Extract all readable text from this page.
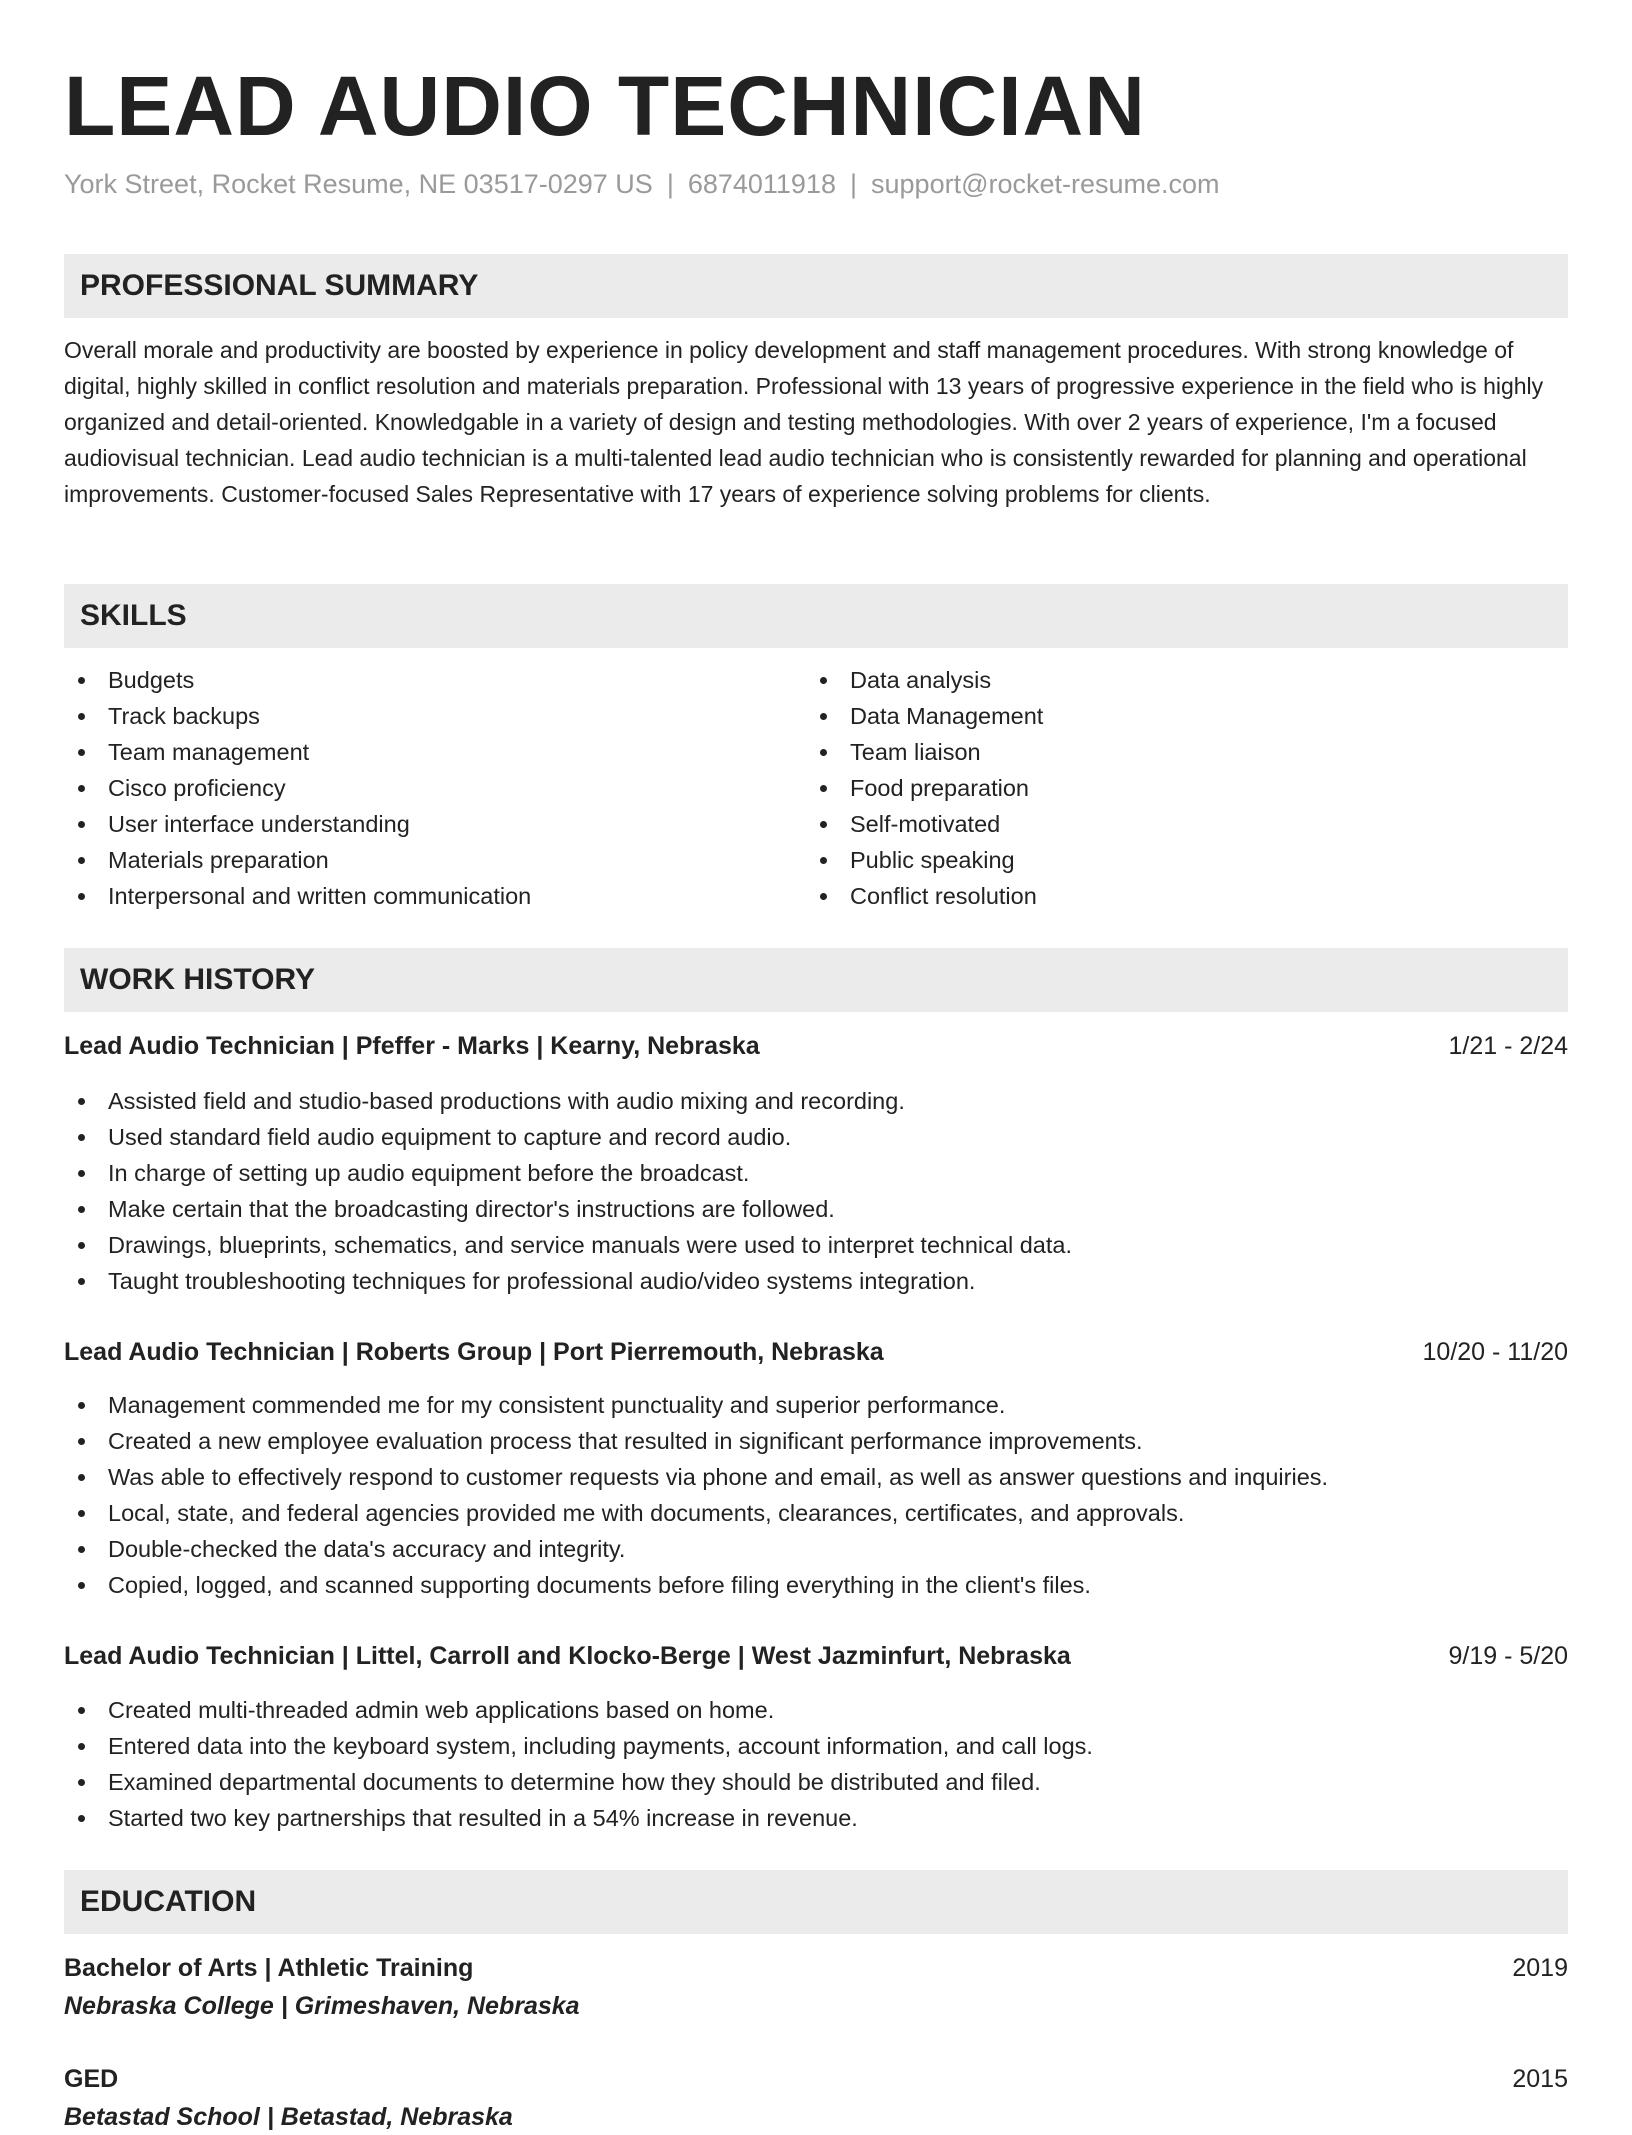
LEAD AUDIO TECHNICIAN
York Street, Rocket Resume, NE 03517-0297 US | 6874011918 | support@rocket-resume.com
PROFESSIONAL SUMMARY

Overall morale and productivity are boosted by experience in policy development and staff management procedures. With strong knowledge of digital, highly skilled in conflict resolution and materials preparation. Professional with 13 years of progressive experience in the field who is highly organized and detail-oriented. Knowledgable in a variety of design and testing methodologies. With over 2 years of experience, I'm a focused audiovisual technician. Lead audio technician is a multi-talented lead audio technician who is consistently rewarded for planning and operational improvements. Customer-focused Sales Representative with 17 years of experience solving problems for clients.

SKILLS
Budgets
Track backups
Team management
Cisco proficiency
User interface understanding
Materials preparation
Interpersonal and written communication
Data analysis
Data Management
Team liaison
Food preparation
Self-motivated
Public speaking
Conflict resolution
WORK HISTORY
Lead Audio Technician | Pfeffer - Marks | Kearny, Nebraska	1/21 - 2/24
Assisted field and studio-based productions with audio mixing and recording.
Used standard field audio equipment to capture and record audio.
In charge of setting up audio equipment before the broadcast.
Make certain that the broadcasting director's instructions are followed.
Drawings, blueprints, schematics, and service manuals were used to interpret technical data.
Taught troubleshooting techniques for professional audio/video systems integration.
Lead Audio Technician | Roberts Group | Port Pierremouth, Nebraska	10/20 - 11/20
Management commended me for my consistent punctuality and superior performance.
Created a new employee evaluation process that resulted in significant performance improvements.
Was able to effectively respond to customer requests via phone and email, as well as answer questions and inquiries.
Local, state, and federal agencies provided me with documents, clearances, certificates, and approvals.
Double-checked the data's accuracy and integrity.
Copied, logged, and scanned supporting documents before filing everything in the client's files.
Lead Audio Technician | Littel, Carroll and Klocko-Berge | West Jazminfurt, Nebraska	9/19 - 5/20
Created multi-threaded admin web applications based on home.
Entered data into the keyboard system, including payments, account information, and call logs.
Examined departmental documents to determine how they should be distributed and filed.
Started two key partnerships that resulted in a 54% increase in revenue.
EDUCATION
Bachelor of Arts | Athletic Training	2019
Nebraska College | Grimeshaven, Nebraska
GED	2015
Betastad School | Betastad, Nebraska
